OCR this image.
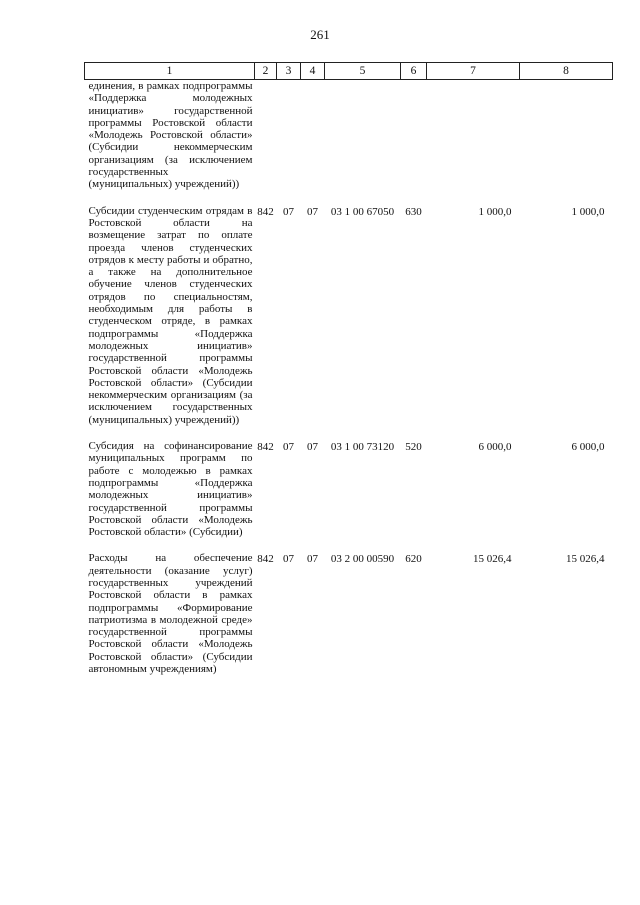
261
1	2	3	4	5	6	7	8
единения, в рамках подпрограммы «Поддержка молодежных инициатив» государственной программы Ростовской области «Молодежь Ростовской области» (Субсидии некоммерческим организациям (за исключением государственных (муниципальных) учреждений))							
Субсидии студенческим отрядам в Ростовской области на возмещение затрат по оплате проезда членов студенческих отрядов к месту работы и обратно, а также на дополнительное обучение членов студенческих отрядов по специальностям, необходимым для работы в студенческом отряде, в рамках подпрограммы «Поддержка молодежных инициатив» государственной программы Ростовской области «Молодежь Ростовской области» (Субсидии некоммерческим организациям (за исключением государственных (муниципальных) учреждений))	842	07	07	03 1 00 67050	630	1 000,0	1 000,0
Субсидия на софинансирование муниципальных программ по работе с молодежью в рамках подпрограммы «Поддержка молодежных инициатив» государственной программы Ростовской области «Молодежь Ростовской области» (Субсидии)	842	07	07	03 1 00 73120	520	6 000,0	6 000,0
Расходы на обеспечение деятельности (оказание услуг) государственных учреждений Ростовской области в рамках подпрограммы «Формирование патриотизма в молодежной среде» государственной программы Ростовской области «Молодежь Ростовской области» (Субсидии автономным учреждениям)	842	07	07	03 2 00 00590	620	15 026,4	15 026,4
